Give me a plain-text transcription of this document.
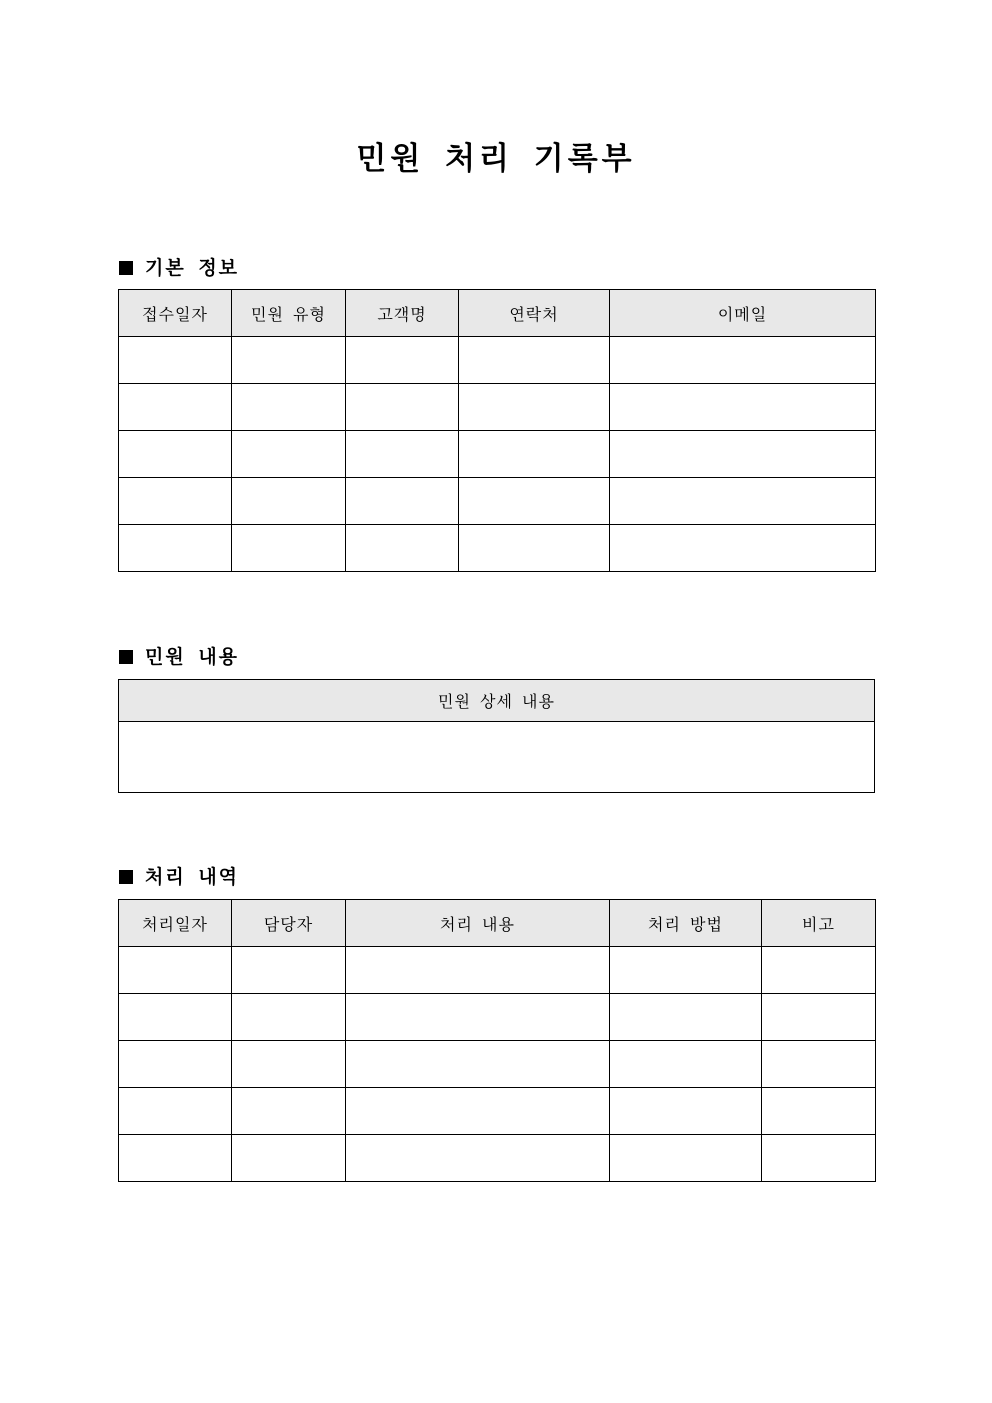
민원 처리 기록부
기본 정보
접수일자	민원 유형	고객명	연락처	이메일

민원 내용
민원 상세 내용

처리 내역
처리일자	담당자	처리 내용	처리 방법	비고
